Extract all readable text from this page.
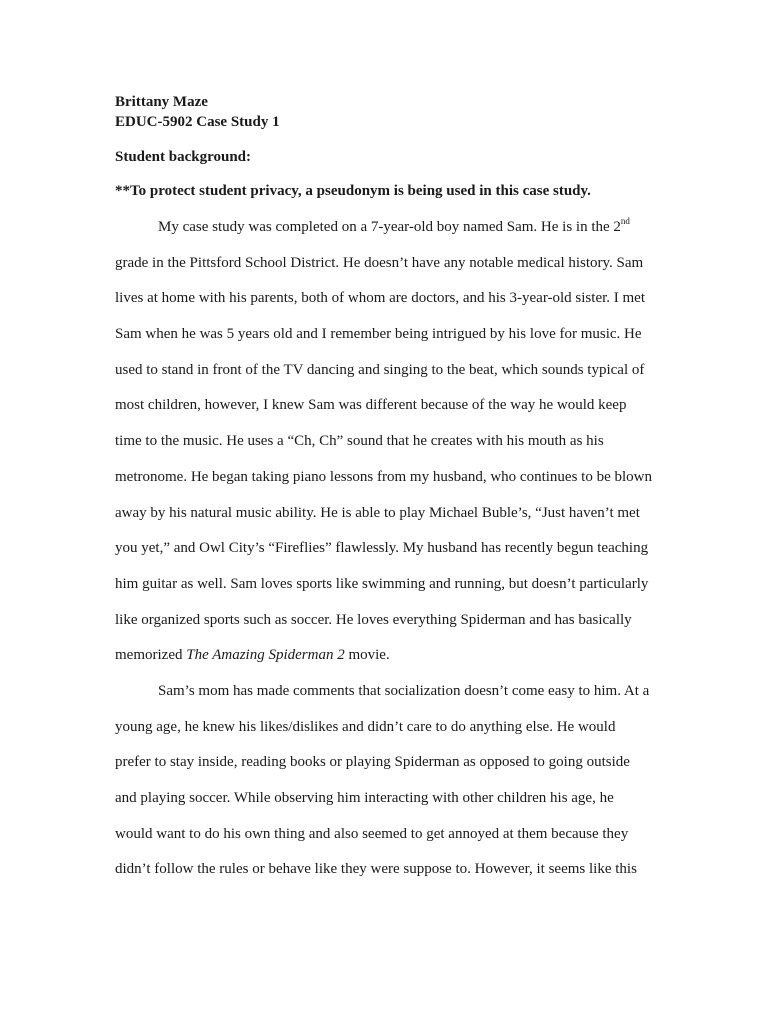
Brittany Maze
EDUC-5902 Case Study 1
Student background:
**To protect student privacy, a pseudonym is being used in this case study.
My case study was completed on a 7-year-old boy named Sam. He is in the 2nd
grade in the Pittsford School District. He doesn’t have any notable medical history. Sam
lives at home with his parents, both of whom are doctors, and his 3-year-old sister. I met
Sam when he was 5 years old and I remember being intrigued by his love for music. He
used to stand in front of the TV dancing and singing to the beat, which sounds typical of
most children, however, I knew Sam was different because of the way he would keep
time to the music. He uses a “Ch, Ch” sound that he creates with his mouth as his
metronome. He began taking piano lessons from my husband, who continues to be blown
away by his natural music ability. He is able to play Michael Buble’s, “Just haven’t met
you yet,” and Owl City’s “Fireflies” flawlessly. My husband has recently begun teaching
him guitar as well. Sam loves sports like swimming and running, but doesn’t particularly
like organized sports such as soccer. He loves everything Spiderman and has basically
memorized The Amazing Spiderman 2 movie.
Sam’s mom has made comments that socialization doesn’t come easy to him. At a
young age, he knew his likes/dislikes and didn’t care to do anything else. He would
prefer to stay inside, reading books or playing Spiderman as opposed to going outside
and playing soccer. While observing him interacting with other children his age, he
would want to do his own thing and also seemed to get annoyed at them because they
didn’t follow the rules or behave like they were suppose to. However, it seems like this
